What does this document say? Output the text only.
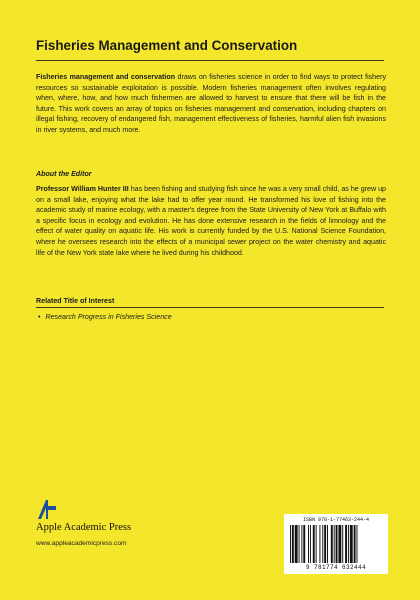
Fisheries Management and Conservation
Fisheries management and conservation draws on fisheries science in order to find ways to protect fishery resources so sustainable exploitation is possible. Modern fisheries management often involves regulating when, where, how, and how much fishermen are allowed to harvest to ensure that there will be fish in the future. This work covers an array of topics on fisheries management and conservation, including chapters on illegal fishing, recovery of endangered fish, management effectiveness of fisheries, harmful alien fish invasions in river systems, and much more.
About the Editor
Professor William Hunter III has been fishing and studying fish since he was a very small child, as he grew up on a small lake, enjoying what the lake had to offer year round. He transformed his love of fishing into the academic study of marine ecology, with a master's degree from the State University of New York at Buffalo with a specific focus in ecology and evolution. He has done extensive research in the fields of limnology and the effect of water quality on aquatic life. His work is currently funded by the U.S. National Science Foundation, where he oversees research into the effects of a municipal sewer project on the water chemistry and aquatic life of the New York state lake where he lived during his childhood.
Related Title of Interest
• Research Progress in Fisheries Science
Apple Academic Press
www.appleacademicpress.com
ISBN 978-1-77463-244-4
9 781774 632444
